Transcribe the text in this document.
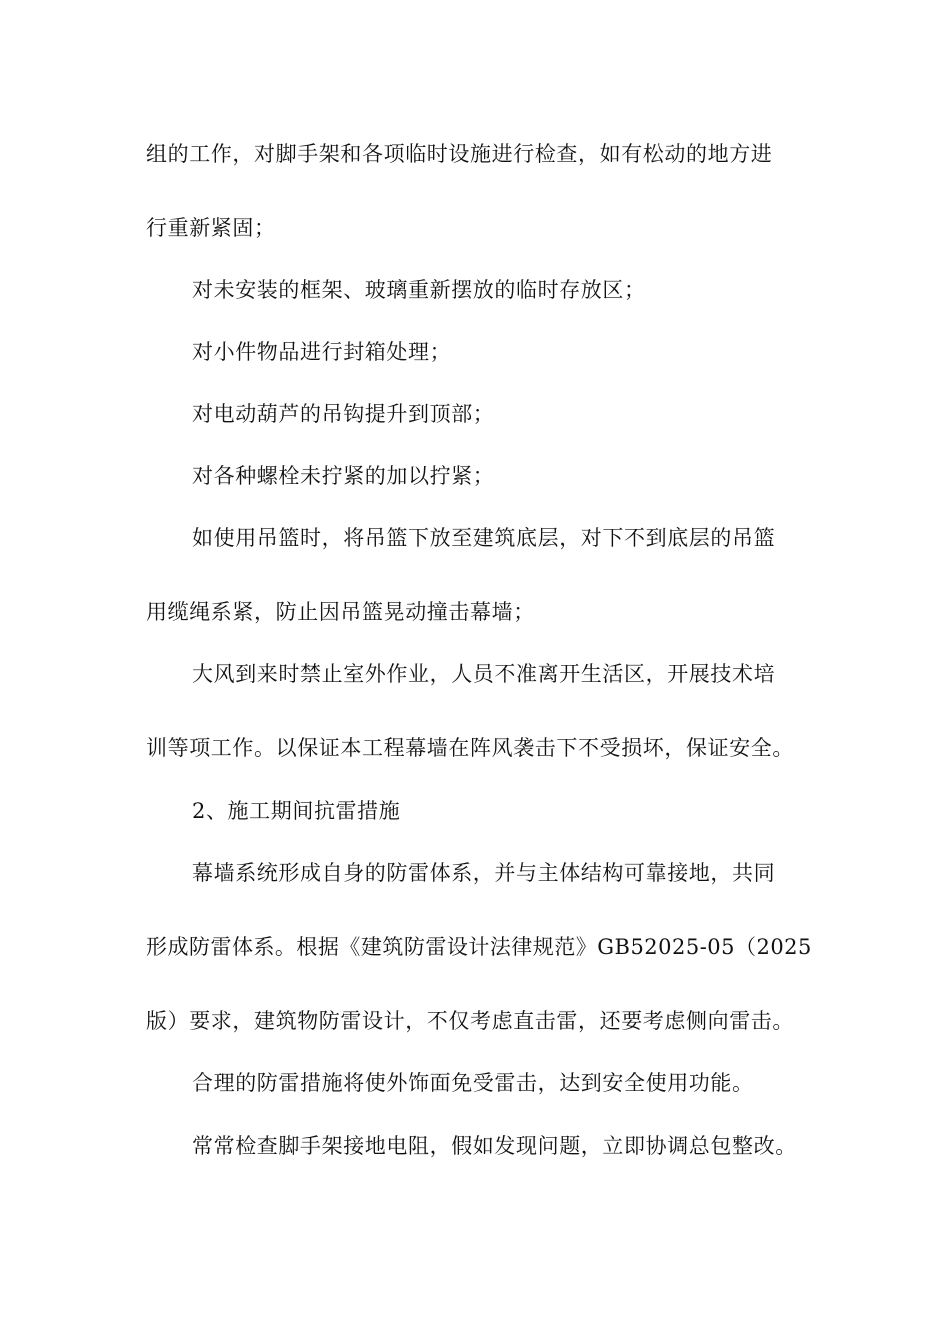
组的工作，对脚手架和各项临时设施进行检查，如有松动的地方进
行重新紧固；
对未安装的框架、玻璃重新摆放的临时存放区；
对小件物品进行封箱处理；
对电动葫芦的吊钩提升到顶部；
对各种螺栓未拧紧的加以拧紧；
如使用吊篮时，将吊篮下放至建筑底层，对下不到底层的吊篮
用缆绳系紧，防止因吊篮晃动撞击幕墙；
大风到来时禁止室外作业，人员不准离开生活区，开展技术培
训等项工作。以保证本工程幕墙在阵风袭击下不受损坏，保证安全。
2、施工期间抗雷措施
幕墙系统形成自身的防雷体系，并与主体结构可靠接地，共同
形成防雷体系。根据《建筑防雷设计法律规范》GB52025-05（2025
版）要求，建筑物防雷设计，不仅考虑直击雷，还要考虑侧向雷击。
合理的防雷措施将使外饰面免受雷击，达到安全使用功能。
常常检查脚手架接地电阻，假如发现问题，立即协调总包整改。
